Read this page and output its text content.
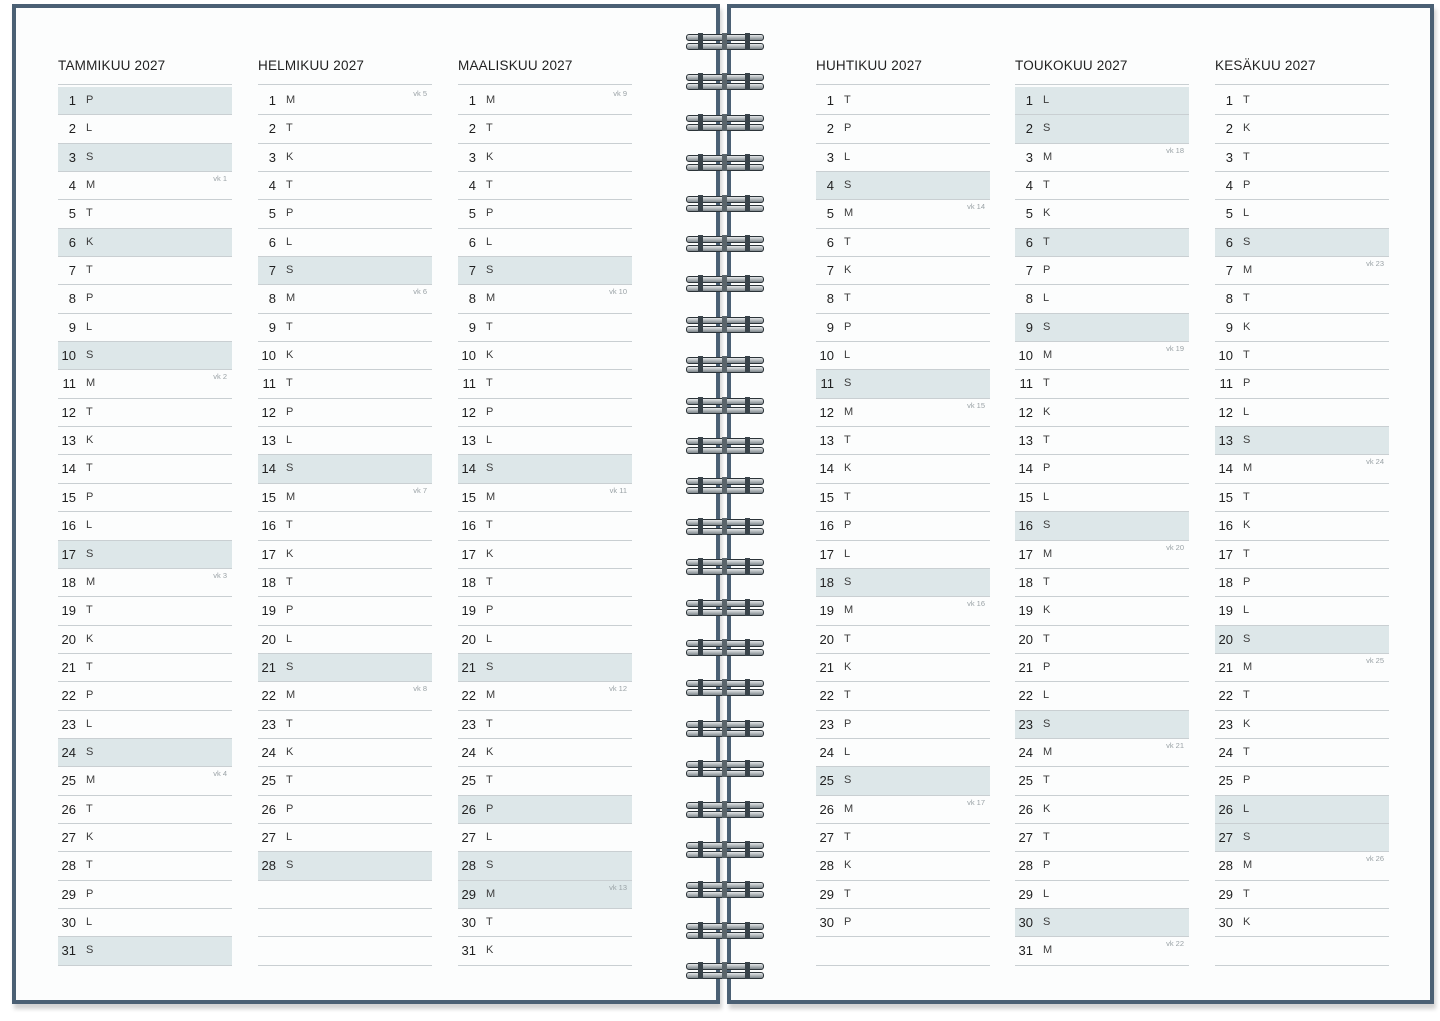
TAMMIKUU 2027
1 P
2 L
3 S
4 M
vk 1
5 T
6 K
7 T
8 P
9 L
10 S
11 M
vk 2
12 T
13 K
14 T
15 P
16 L
17 S
18 M
vk 3
19 T
20 K
21 T
22 P
23 L
24 S
25 M
vk 4
26 T
27 K
28 T
29 P
30 L
31 S
HELMIKUU 2027
1 M
vk 5
2 T
3 K
4 T
5 P
6 L
7 S
8 M
vk 6
9 T
10 K
11 T
12 P
13 L
14 S
15 M
vk 7
16 T
17 K
18 T
19 P
20 L
21 S
22 M
vk 8
23 T
24 K
25 T
26 P
27 L
28 S
MAALISKUU 2027
1 M
vk 9
2 T
3 K
4 T
5 P
6 L
7 S
8 M
vk 10
9 T
10 K
11 T
12 P
13 L
14 S
15 M
vk 11
16 T
17 K
18 T
19 P
20 L
21 S
22 M
vk 12
23 T
24 K
25 T
26 P
27 L
28 S
29 M
vk 13
30 T
31 K
HUHTIKUU 2027
1 T
2 P
3 L
4 S
5 M
vk 14
6 T
7 K
8 T
9 P
10 L
11 S
12 M
vk 15
13 T
14 K
15 T
16 P
17 L
18 S
19 M
vk 16
20 T
21 K
22 T
23 P
24 L
25 S
26 M
vk 17
27 T
28 K
29 T
30 P
TOUKOKUU 2027
1 L
2 S
3 M
vk 18
4 T
5 K
6 T
7 P
8 L
9 S
10 M
vk 19
11 T
12 K
13 T
14 P
15 L
16 S
17 M
vk 20
18 T
19 K
20 T
21 P
22 L
23 S
24 M
vk 21
25 T
26 K
27 T
28 P
29 L
30 S
31 M
vk 22
KESÄKUU 2027
1 T
2 K
3 T
4 P
5 L
6 S
7 M
vk 23
8 T
9 K
10 T
11 P
12 L
13 S
14 M
vk 24
15 T
16 K
17 T
18 P
19 L
20 S
21 M
vk 25
22 T
23 K
24 T
25 P
26 L
27 S
28 M
vk 26
29 T
30 K
